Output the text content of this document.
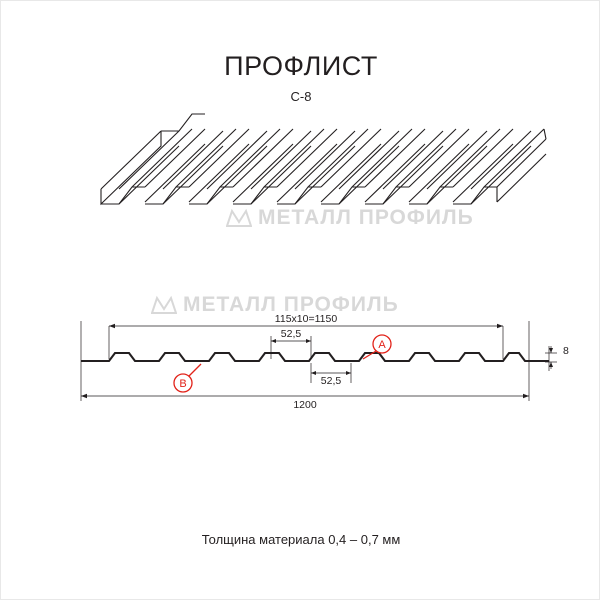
ПРОФЛИСТ
С-8
МЕТАЛЛ ПРОФИЛЬ
МЕТАЛЛ ПРОФИЛЬ
115х10=1150
52,5
52,5
1200
8
A
B
Толщина материала 0,4 – 0,7 мм
